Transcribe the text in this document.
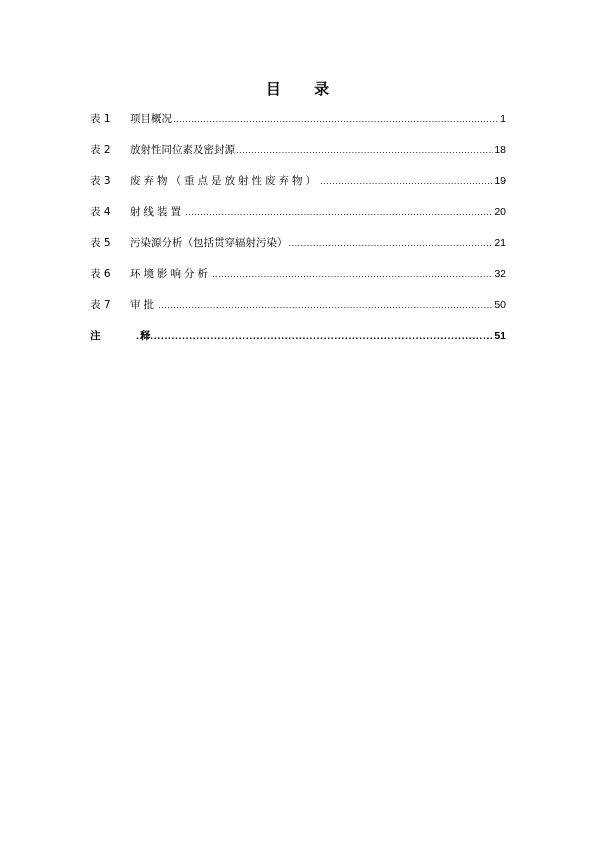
目 录
表 1	项目概况 .....	1
表 2	放射性同位素及密封源 .....	18
表 3	废弃物（重点是放射性废弃物） .....	19
表 4	射线装置 .....	20
表 5	污染源分析（包括贯穿辐射污染） .....	21
表 6	环境影响分析 .....	32
表 7	审批 .....	50
注 释 .....	51
